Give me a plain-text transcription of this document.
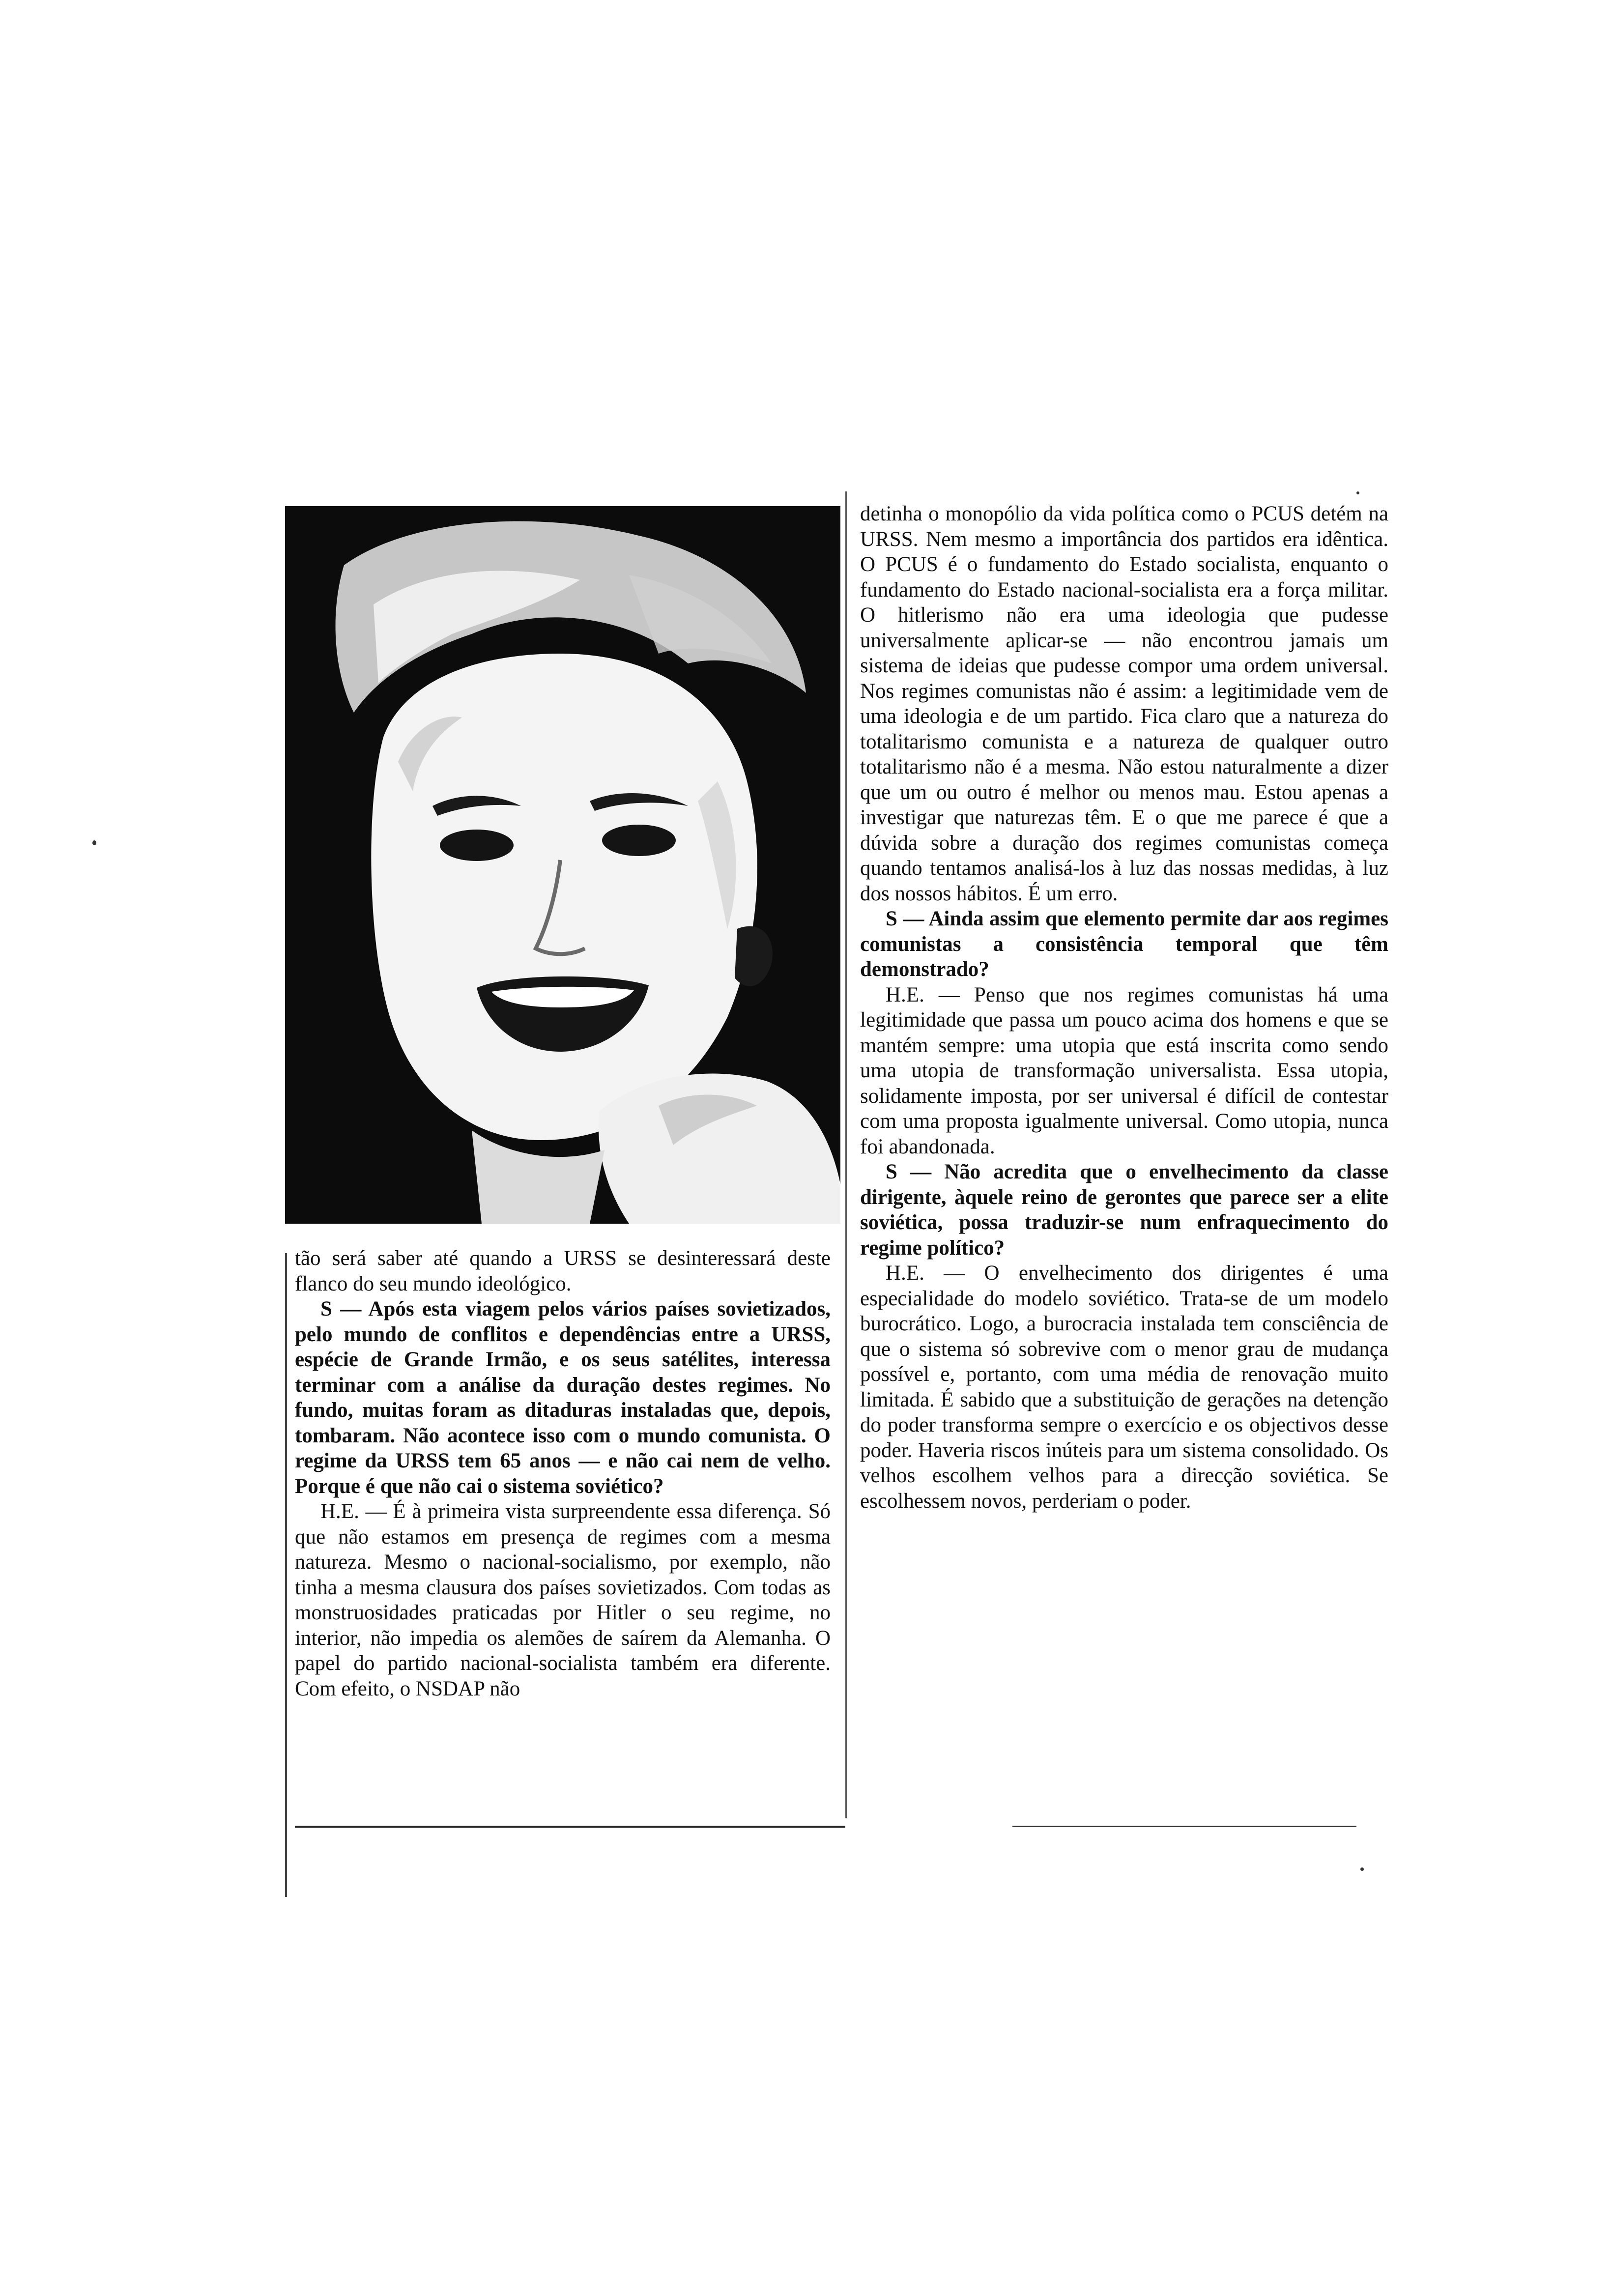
tão será saber até quando a URSS se desinteressará deste flanco do seu mundo ideológico.

S — Após esta viagem pelos vários países sovietizados, pelo mundo de conflitos e dependências entre a URSS, espécie de Grande Irmão, e os seus satélites, interessa terminar com a análise da duração destes regimes. No fundo, muitas foram as ditaduras instaladas que, depois, tombaram. Não acontece isso com o mundo comunista. O regime da URSS tem 65 anos — e não cai nem de velho. Porque é que não cai o sistema soviético?

H.E. — É à primeira vista surpreendente essa diferença. Só que não estamos em presença de regimes com a mesma natureza. Mesmo o nacional-socialismo, por exemplo, não tinha a mesma clausura dos países sovietizados. Com todas as monstruosidades praticadas por Hitler o seu regime, no interior, não impedia os alemões de saírem da Alemanha. O papel do partido nacional-socialista também era diferente. Com efeito, o NSDAP não

detinha o monopólio da vida política como o PCUS detém na URSS. Nem mesmo a importância dos partidos era idêntica. O PCUS é o fundamento do Estado socialista, enquanto o fundamento do Estado nacional-socialista era a força militar. O hitlerismo não era uma ideologia que pudesse universalmente aplicar-se — não encontrou jamais um sistema de ideias que pudesse compor uma ordem universal. Nos regimes comunistas não é assim: a legitimidade vem de uma ideologia e de um partido. Fica claro que a natureza do totalitarismo comunista e a natureza de qualquer outro totalitarismo não é a mesma. Não estou naturalmente a dizer que um ou outro é melhor ou menos mau. Estou apenas a investigar que naturezas têm. E o que me parece é que a dúvida sobre a duração dos regimes comunistas começa quando tentamos analisá-los à luz das nossas medidas, à luz dos nossos hábitos. É um erro.

S — Ainda assim que elemento permite dar aos regimes comunistas a consistência temporal que têm demonstrado?

H.E. — Penso que nos regimes comunistas há uma legitimidade que passa um pouco acima dos homens e que se mantém sempre: uma utopia que está inscrita como sendo uma utopia de transformação universalista. Essa utopia, solidamente imposta, por ser universal é difícil de contestar com uma proposta igualmente universal. Como utopia, nunca foi abandonada.

S — Não acredita que o envelhecimento da classe dirigente, àquele reino de gerontes que parece ser a elite soviética, possa traduzir-se num enfraquecimento do regime político?

H.E. — O envelhecimento dos dirigentes é uma especialidade do modelo soviético. Trata-se de um modelo burocrático. Logo, a burocracia instalada tem consciência de que o sistema só sobrevive com o menor grau de mudança possível e, portanto, com uma média de renovação muito limitada. É sabido que a substituição de gerações na detenção do poder transforma sempre o exercício e os objectivos desse poder. Haveria riscos inúteis para um sistema consolidado. Os velhos escolhem velhos para a direcção soviética. Se escolhessem novos, perderiam o poder.
